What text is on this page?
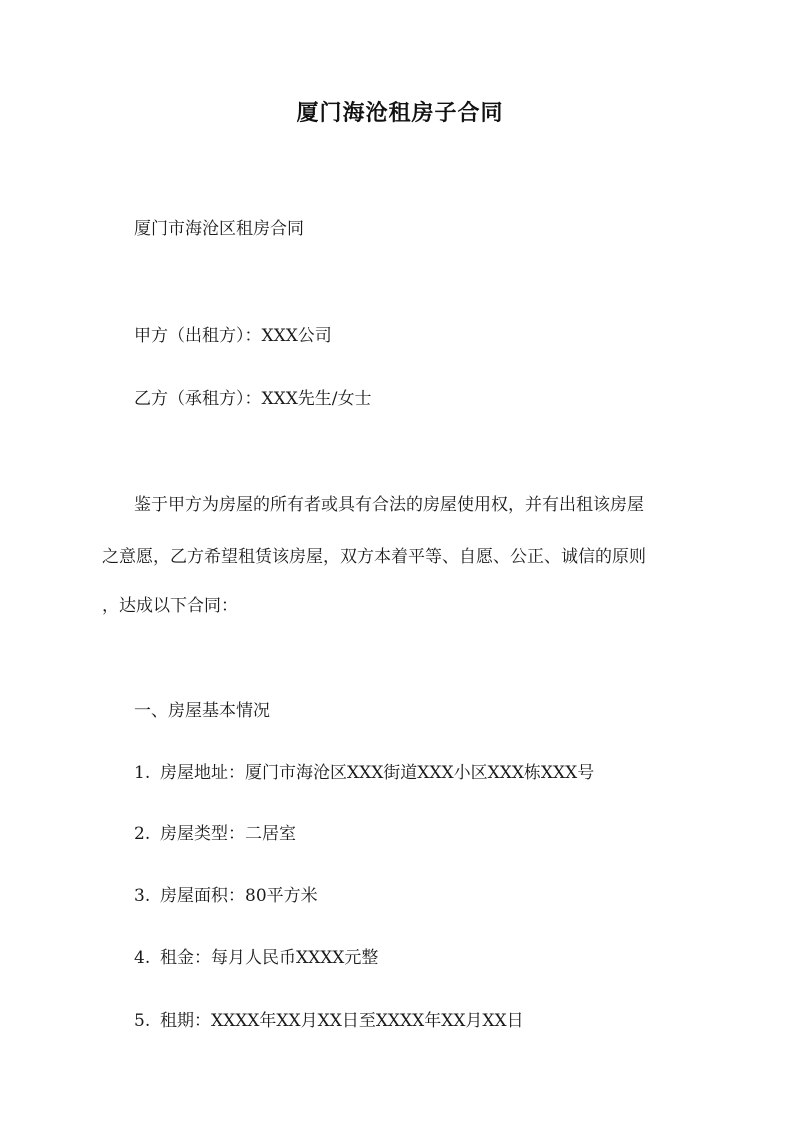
厦门海沧租房子合同
厦门市海沧区租房合同
甲方（出租方）：XXX公司
乙方（承租方）：XXX先生/女士
鉴于甲方为房屋的所有者或具有合法的房屋使用权，并有出租该房屋
之意愿，乙方希望租赁该房屋，双方本着平等、自愿、公正、诚信的原则
，达成以下合同：
一、房屋基本情况
1. 房屋地址：厦门市海沧区XXX街道XXX小区XXX栋XXX号
2. 房屋类型：二居室
3. 房屋面积：80平方米
4. 租金：每月人民币XXXX元整
5. 租期：XXXX年XX月XX日至XXXX年XX月XX日
